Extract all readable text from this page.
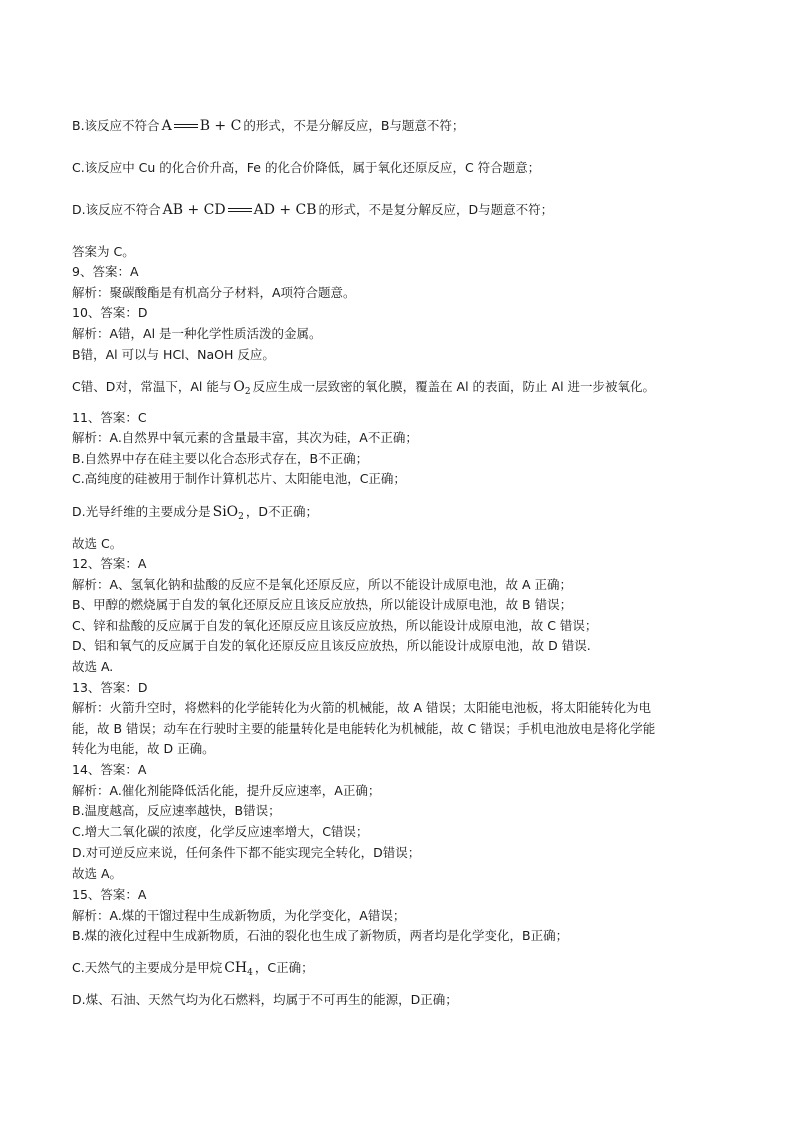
B.该反应不符合 A B + C 的形式，不是分解反应，B与题意不符；
C.该反应中 Cu 的化合价升高，Fe 的化合价降低，属于氧化还原反应，C 符合题意；
D.该反应不符合 AB + CD AD + CB 的形式，不是复分解反应，D与题意不符；
答案为 C。
9、答案：A
解析：聚碳酸酯是有机高分子材料，A项符合题意。
10、答案：D
解析：A错，Al 是一种化学性质活泼的金属。
B错，Al 可以与 HCl、NaOH 反应。
C错、D对，常温下，Al 能与 $O_2$ 反应生成一层致密的氧化膜，覆盖在 Al 的表面，防止 Al 进一步被氧化。
11、答案：C
解析：A.自然界中氧元素的含量最丰富，其次为硅，A不正确；
B.自然界中存在硅主要以化合态形式存在，B不正确；
C.高纯度的硅被用于制作计算机芯片、太阳能电池，C正确；
D.光导纤维的主要成分是 SiO$_2$ ，D不正确；
故选 C。
12、答案：A
解析：A、氢氧化钠和盐酸的反应不是氧化还原反应，所以不能设计成原电池，故 A 正确；
B、甲醇的燃烧属于自发的氧化还原反应且该反应放热，所以能设计成原电池，故 B 错误；
C、锌和盐酸的反应属于自发的氧化还原反应且该反应放热，所以能设计成原电池，故 C 错误；
D、铝和氧气的反应属于自发的氧化还原反应且该反应放热，所以能设计成原电池，故 D 错误.
故选 A.
13、答案：D
解析：火箭升空时，将燃料的化学能转化为火箭的机械能，故 A 错误；太阳能电池板，将太阳能转化为电
能，故 B 错误；动车在行驶时主要的能量转化是电能转化为机械能，故 C 错误；手机电池放电是将化学能
转化为电能，故 D 正确。
14、答案：A
解析：A.催化剂能降低活化能，提升反应速率，A正确；
B.温度越高，反应速率越快，B错误；
C.增大二氧化碳的浓度，化学反应速率增大，C错误；
D.对可逆反应来说，任何条件下都不能实现完全转化，D错误；
故选 A。
15、答案：A
解析：A.煤的干馏过程中生成新物质，为化学变化，A错误；
B.煤的液化过程中生成新物质，石油的裂化也生成了新物质，两者均是化学变化，B正确；
C.天然气的主要成分是甲烷 $CH_4$ ，C正确；
D.煤、石油、天然气均为化石燃料，均属于不可再生的能源，D正确；
